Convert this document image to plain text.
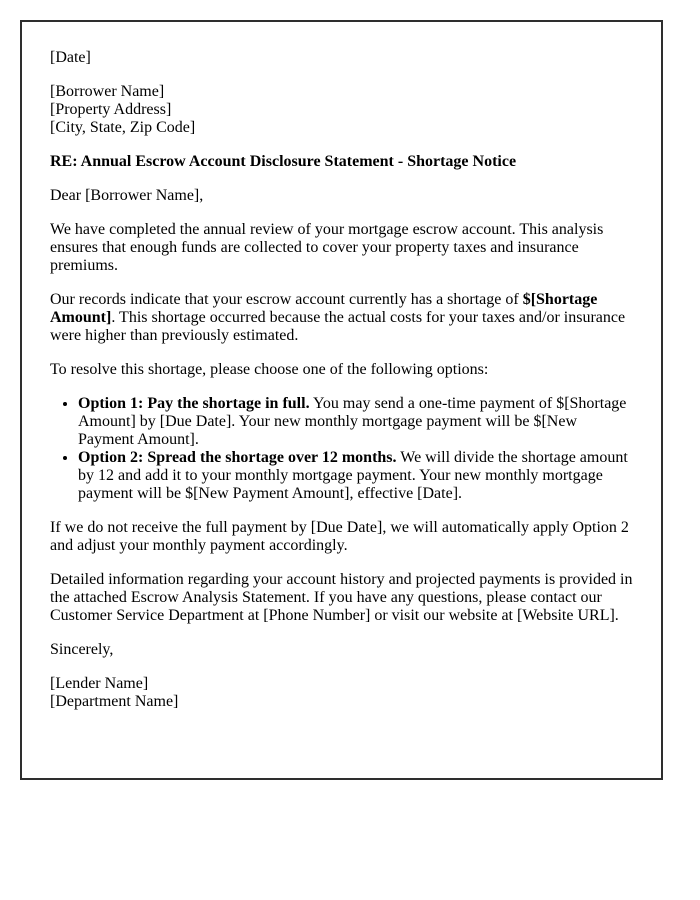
[Date]

[Borrower Name]
[Property Address]
[City, State, Zip Code]

RE: Annual Escrow Account Disclosure Statement - Shortage Notice

Dear [Borrower Name],

We have completed the annual review of your mortgage escrow account. This analysis ensures that enough funds are collected to cover your property taxes and insurance premiums.

Our records indicate that your escrow account currently has a shortage of $[Shortage Amount]. This shortage occurred because the actual costs for your taxes and/or insurance were higher than previously estimated.

To resolve this shortage, please choose one of the following options:

• Option 1: Pay the shortage in full. You may send a one-time payment of $[Shortage Amount] by [Due Date]. Your new monthly mortgage payment will be $[New Payment Amount].
• Option 2: Spread the shortage over 12 months. We will divide the shortage amount by 12 and add it to your monthly mortgage payment. Your new monthly mortgage payment will be $[New Payment Amount], effective [Date].

If we do not receive the full payment by [Due Date], we will automatically apply Option 2 and adjust your monthly payment accordingly.

Detailed information regarding your account history and projected payments is provided in the attached Escrow Analysis Statement. If you have any questions, please contact our Customer Service Department at [Phone Number] or visit our website at [Website URL].

Sincerely,

[Lender Name]
[Department Name]
